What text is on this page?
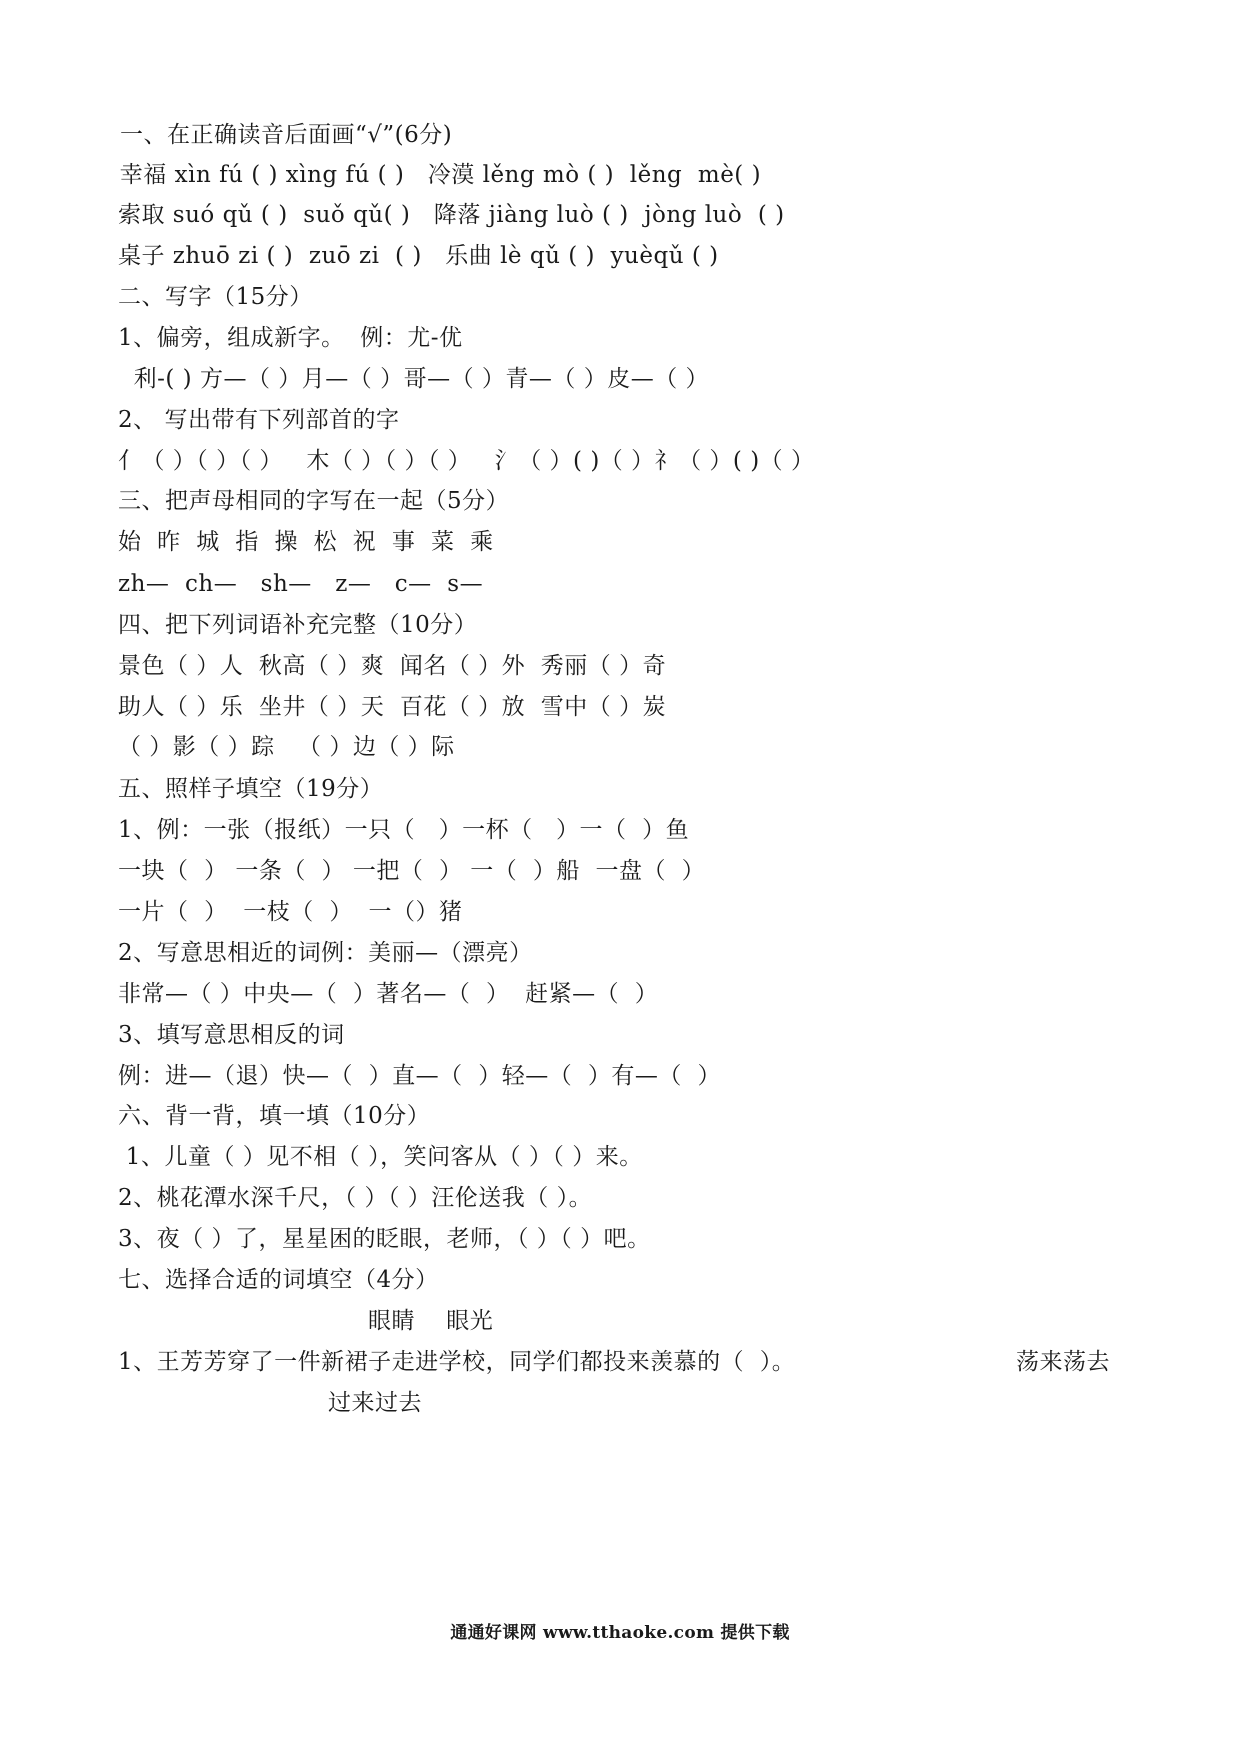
一、在正确读音后面画“√”(6分)
幸福 xìn fú ( ) xìng fú ( )   冷漠 lěng mò ( )  lěng  mè( )
索取 suó qǔ ( )  suǒ qǔ( )   降落 jiàng luò ( )  jòng luò  ( )
桌子 zhuō zi ( )  zuō zi  ( )   乐曲 lè qǔ ( )  yuèqǔ ( )
二、写字（15分）
1、偏旁，组成新字。  例：尤-优
利-( ) 方—（ ）月—（ ）哥—（ ）青—（ ）皮—（ ）
2、 写出带有下列部首的字
亻（ ）（ ）（ ）   木（ ）（ ）（ ）   氵（ ）( )（ ）礻（ ）( )（ ）
三、把声母相同的字写在一起（5分）
始  昨  城  指  操  松  祝  事  菜  乘
zh—  ch—   sh—   z—   c—  s—
四、把下列词语补充完整（10分）
景色（ ）人  秋高（ ）爽  闻名（ ）外  秀丽（ ）奇
助人（ ）乐  坐井（ ）天  百花（ ）放  雪中（ ）炭
（ ）影（ ）踪   （ ）边（ ）际
五、照样子填空（19分）
1、例：一张（报纸）一只（   ）一杯（   ）一（  ）鱼
一块（  ） 一条（  ） 一把（  ） 一（  ）船  一盘（  ）
一片（  ）  一枝（  ）  一（）猪
2、写意思相近的词例：美丽—（漂亮）
非常—（ ）中央—（  ）著名—（  ）  赶紧—（  ）
3、填写意思相反的词
例：进—（退）快—（  ）直—（  ）轻—（  ）有—（  ）
六、背一背，填一填（10分）
1、儿童（ ）见不相（ ），笑问客从（ ）（ ）来。
2、桃花潭水深千尺，（ ）（ ）汪伦送我（ ）。
3、夜（ ）了，星星困的眨眼，老师，（ ）（ ）吧。
七、选择合适的词填空（4分）
眼睛    眼光
1、王芳芳穿了一件新裙子走进学校，同学们都投来羡慕的（  ）。	荡来荡去
过来过去
通通好课网 www.tthaoke.com 提供下载
